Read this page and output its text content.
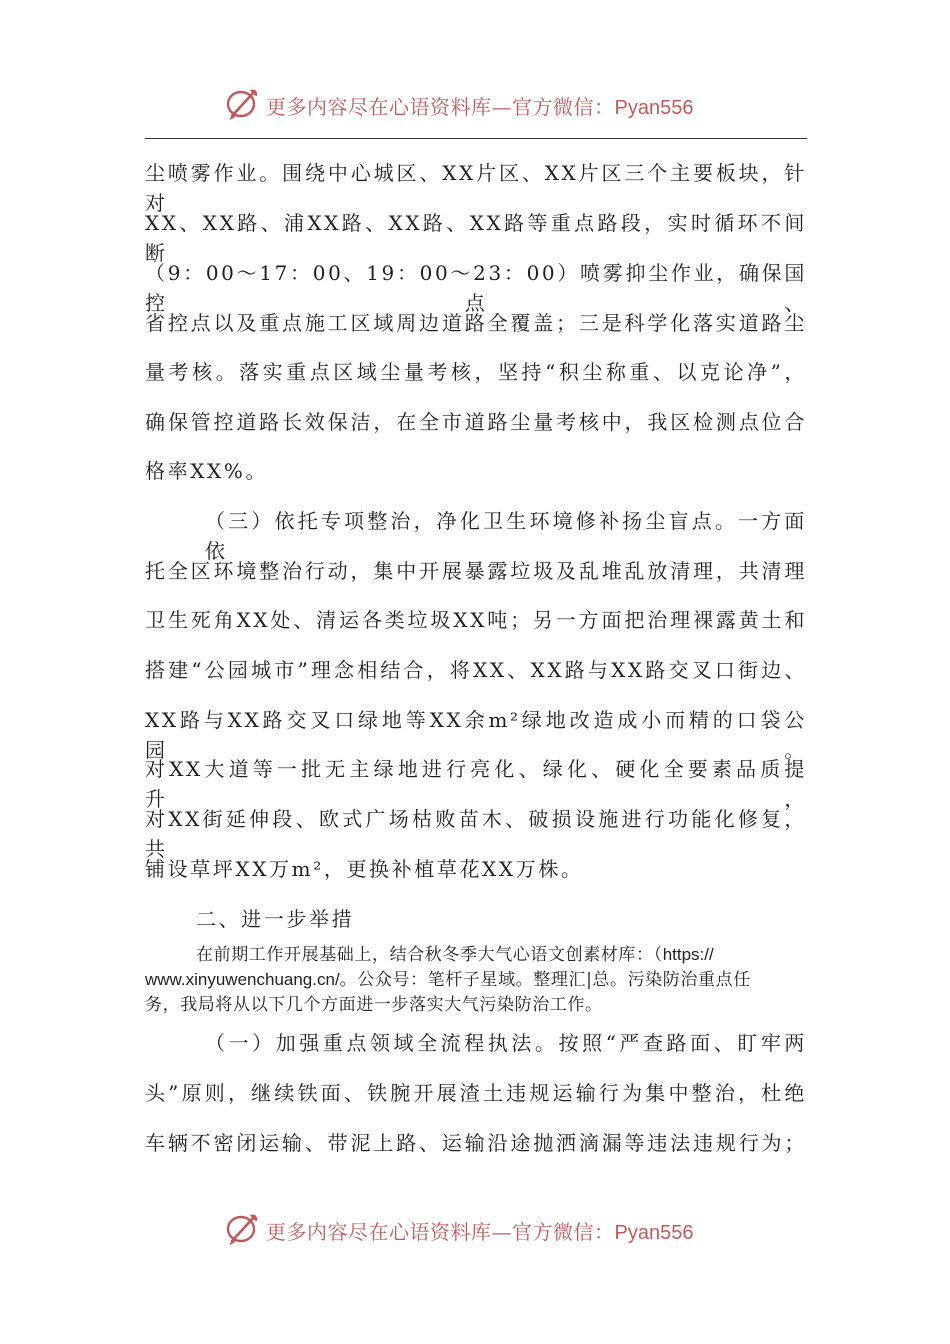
更多内容尽在心语资料库—官方微信：Pyan556
尘喷雾作业。围绕中心城区、XX片区、XX片区三个主要板块，针对
XX、XX路、浦XX路、XX路、XX路等重点路段，实时循环不间断
（9：00～17：00、19：00～23：00）喷雾抑尘作业，确保国控点、
省控点以及重点施工区域周边道路全覆盖；三是科学化落实道路尘
量考核。落实重点区域尘量考核，坚持“积尘称重、以克论净”，
确保管控道路长效保洁，在全市道路尘量考核中，我区检测点位合
格率XX%。
（三）依托专项整治，净化卫生环境修补扬尘盲点。一方面依
托全区环境整治行动，集中开展暴露垃圾及乱堆乱放清理，共清理
卫生死角XX处、清运各类垃圾XX吨；另一方面把治理裸露黄土和
搭建“公园城市”理念相结合，将XX、XX路与XX路交叉口街边、
XX路与XX路交叉口绿地等XX余m²绿地改造成小而精的口袋公园。
对XX大道等一批无主绿地进行亮化、绿化、硬化全要素品质提升，
对XX街延伸段、欧式广场枯败苗木、破损设施进行功能化修复，共
铺设草坪XX万m²，更换补植草花XX万株。
二、进一步举措
在前期工作开展基础上，结合秋冬季大气心语文创素材库：（https://
www.xinyuwenchuang.cn/。公众号：笔杆子星域。整理汇|总。污染防治重点任
务，我局将从以下几个方面进一步落实大气污染防治工作。
（一）加强重点领域全流程执法。按照“严查路面、盯牢两
头”原则，继续铁面、铁腕开展渣土违规运输行为集中整治，杜绝
车辆不密闭运输、带泥上路、运输沿途抛洒滴漏等违法违规行为；
更多内容尽在心语资料库—官方微信：Pyan556
